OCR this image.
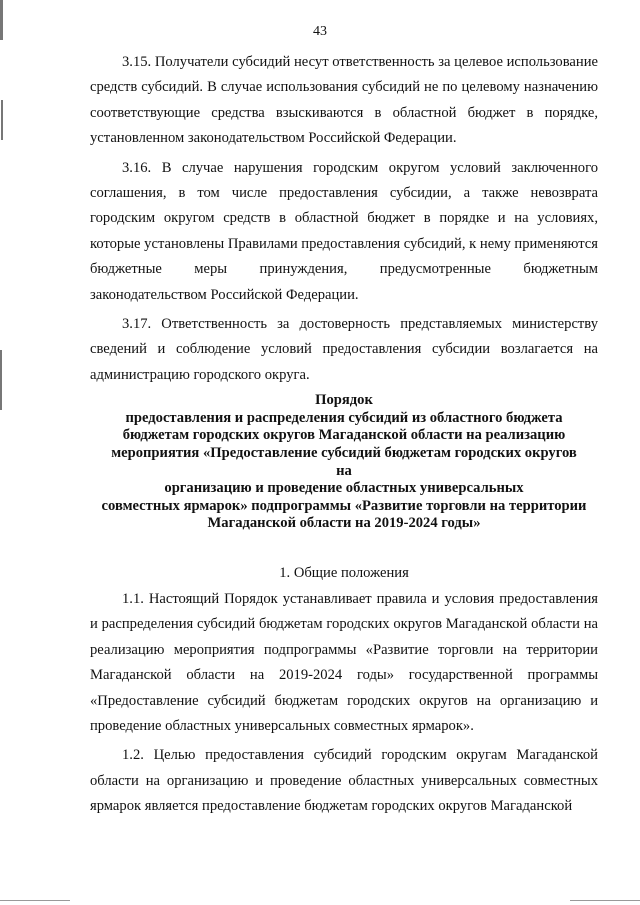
43

3.15. Получатели субсидий несут ответственность за целевое использование средств субсидий. В случае использования субсидий не по целевому назначению соответствующие средства взыскиваются в областной бюджет в порядке, установленном законодательством Российской Федерации.

3.16. В случае нарушения городским округом условий заключенного соглашения, в том числе предоставления субсидии, а также невозврата городским округом средств в областной бюджет в порядке и на условиях, которые установлены Правилами предоставления субсидий, к нему применяются бюджетные меры принуждения, предусмотренные бюджетным законодательством Российской Федерации.

3.17. Ответственность за достоверность представляемых министерству сведений и соблюдение условий предоставления субсидии возлагается на администрацию городского округа.

Порядок
предоставления и распределения субсидий из областного бюджета
бюджетам городских округов Магаданской области на реализацию
мероприятия «Предоставление субсидий бюджетам городских округов
на
организацию и проведение областных универсальных
совместных ярмарок» подпрограммы «Развитие торговли на территории
Магаданской области на 2019-2024 годы»
1. Общие положения

1.1. Настоящий Порядок устанавливает правила и условия предоставления и распределения субсидий бюджетам городских округов Магаданской области на реализацию мероприятия подпрограммы «Развитие торговли на территории Магаданской области на 2019-2024 годы» государственной программы «Предоставление субсидий бюджетам городских округов на организацию и проведение областных универсальных совместных ярмарок».

1.2. Целью предоставления субсидий городским округам Магаданской области на организацию и проведение областных универсальных совместных ярмарок является предоставление бюджетам городских округов Магаданской
